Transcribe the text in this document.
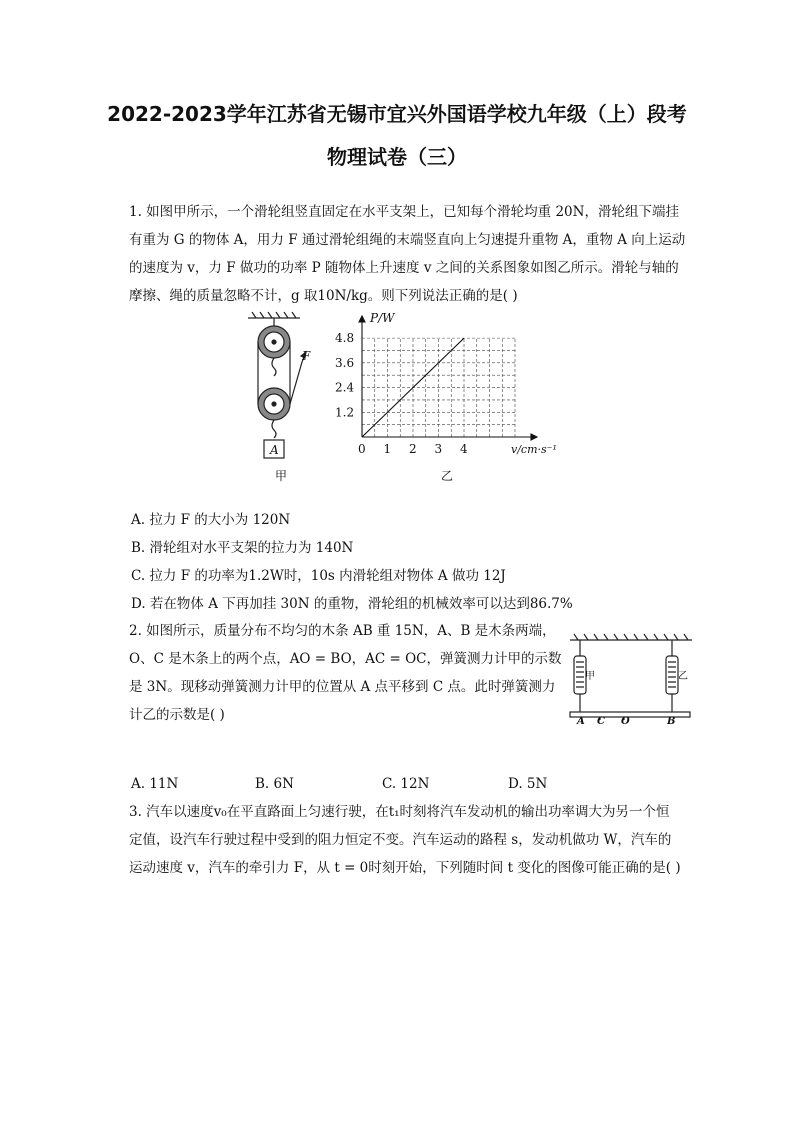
2022-2023学年江苏省无锡市宜兴外国语学校九年级（上）段考
物理试卷（三）
1. 如图甲所示，一个滑轮组竖直固定在水平支架上，已知每个滑轮均重 20N，滑轮组下端挂
有重为 G 的物体 A，用力 F 通过滑轮组绳的末端竖直向上匀速提升重物 A，重物 A 向上运动
的速度为 v，力 F 做功的功率 P 随物体上升速度 v 之间的关系图象如图乙所示。滑轮与轴的
摩擦、绳的质量忽略不计，g 取10N/kg。则下列说法正确的是( )
F
A
甲
0 1 2 3 4
1.2
2.4
3.6
4.8
P/W
v/cm·s⁻¹
乙
A. 拉力 F 的大小为 120N
B. 滑轮组对水平支架的拉力为 140N
C. 拉力 F 的功率为1.2W时，10s 内滑轮组对物体 A 做功 12J
D. 若在物体 A 下再加挂 30N 的重物，滑轮组的机械效率可以达到86.7%
2. 如图所示，质量分布不均匀的木条 AB 重 15N，A、B 是木条两端，
O、C 是木条上的两个点，AO = BO，AC = OC，弹簧测力计甲的示数
是 3N。现移动弹簧测力计甲的位置从 A 点平移到 C 点。此时弹簧测力
计乙的示数是( )
甲	乙
A C O	B
A. 11N	B. 6N	C. 12N	D. 5N
3. 汽车以速度v₀在平直路面上匀速行驶，在t₁时刻将汽车发动机的输出功率调大为另一个恒
定值，设汽车行驶过程中受到的阻力恒定不变。汽车运动的路程 s，发动机做功 W，汽车的
运动速度 v，汽车的牵引力 F，从 t = 0时刻开始，下列随时间 t 变化的图像可能正确的是( )
